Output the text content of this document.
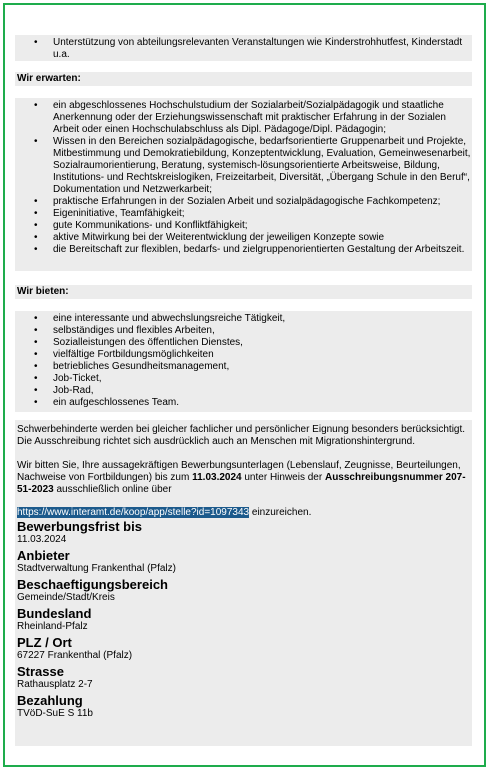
• Unterstützung von abteilungsrelevanten Veranstaltungen wie Kinderstrohhutfest, Kinderstadt u.a.
Wir erwarten:
• ein abgeschlossenes Hochschulstudium der Sozialarbeit/Sozialpädagogik und staatliche Anerkennung oder der Erziehungswissenschaft mit praktischer Erfahrung in der Sozialen Arbeit oder einen Hochschulabschluss als Dipl. Pädagoge/Dipl. Pädagogin;
• Wissen in den Bereichen sozialpädagogische, bedarfsorientierte Gruppenarbeit und Projekte, Mitbestimmung und Demokratiebildung, Konzeptentwicklung, Evaluation, Gemeinwesenarbeit, Sozialraumorientierung, Beratung, systemisch-lösungsorientierte Arbeitsweise, Bildung, Institutions- und Rechtskreislogiken, Freizeitarbeit, Diversität, „Übergang Schule in den Beruf“, Dokumentation und Netzwerkarbeit;
• praktische Erfahrungen in der Sozialen Arbeit und sozialpädagogische Fachkompetenz;
• Eigeninitiative, Teamfähigkeit;
• gute Kommunikations- und Konfliktfähigkeit;
• aktive Mitwirkung bei der Weiterentwicklung der jeweiligen Konzepte sowie
• die Bereitschaft zur flexiblen, bedarfs- und zielgruppenorientierten Gestaltung der Arbeitszeit.
Wir bieten:
• eine interessante und abwechslungsreiche Tätigkeit,
• selbständiges und flexibles Arbeiten,
• Sozialleistungen des öffentlichen Dienstes,
• vielfältige Fortbildungsmöglichkeiten
• betriebliches Gesundheitsmanagement,
• Job-Ticket,
• Job-Rad,
• ein aufgeschlossenes Team.
Schwerbehinderte werden bei gleicher fachlicher und persönlicher Eignung besonders berücksichtigt. Die Ausschreibung richtet sich ausdrücklich auch an Menschen mit Migrationshintergrund.
Wir bitten Sie, Ihre aussagekräftigen Bewerbungsunterlagen (Lebenslauf, Zeugnisse, Beurteilungen, Nachweise von Fortbildungen) bis zum 11.03.2024 unter Hinweis der Ausschreibungsnummer 207-51-2023 ausschließlich online über
https://www.interamt.de/koop/app/stelle?id=1097343 einzureichen.
Bewerbungsfrist bis
11.03.2024
Anbieter
Stadtverwaltung Frankenthal (Pfalz)
Beschaeftigungsbereich
Gemeinde/Stadt/Kreis
Bundesland
Rheinland-Pfalz
PLZ / Ort
67227 Frankenthal (Pfalz)
Strasse
Rathausplatz 2-7
Bezahlung
TVöD-SuE S 11b
